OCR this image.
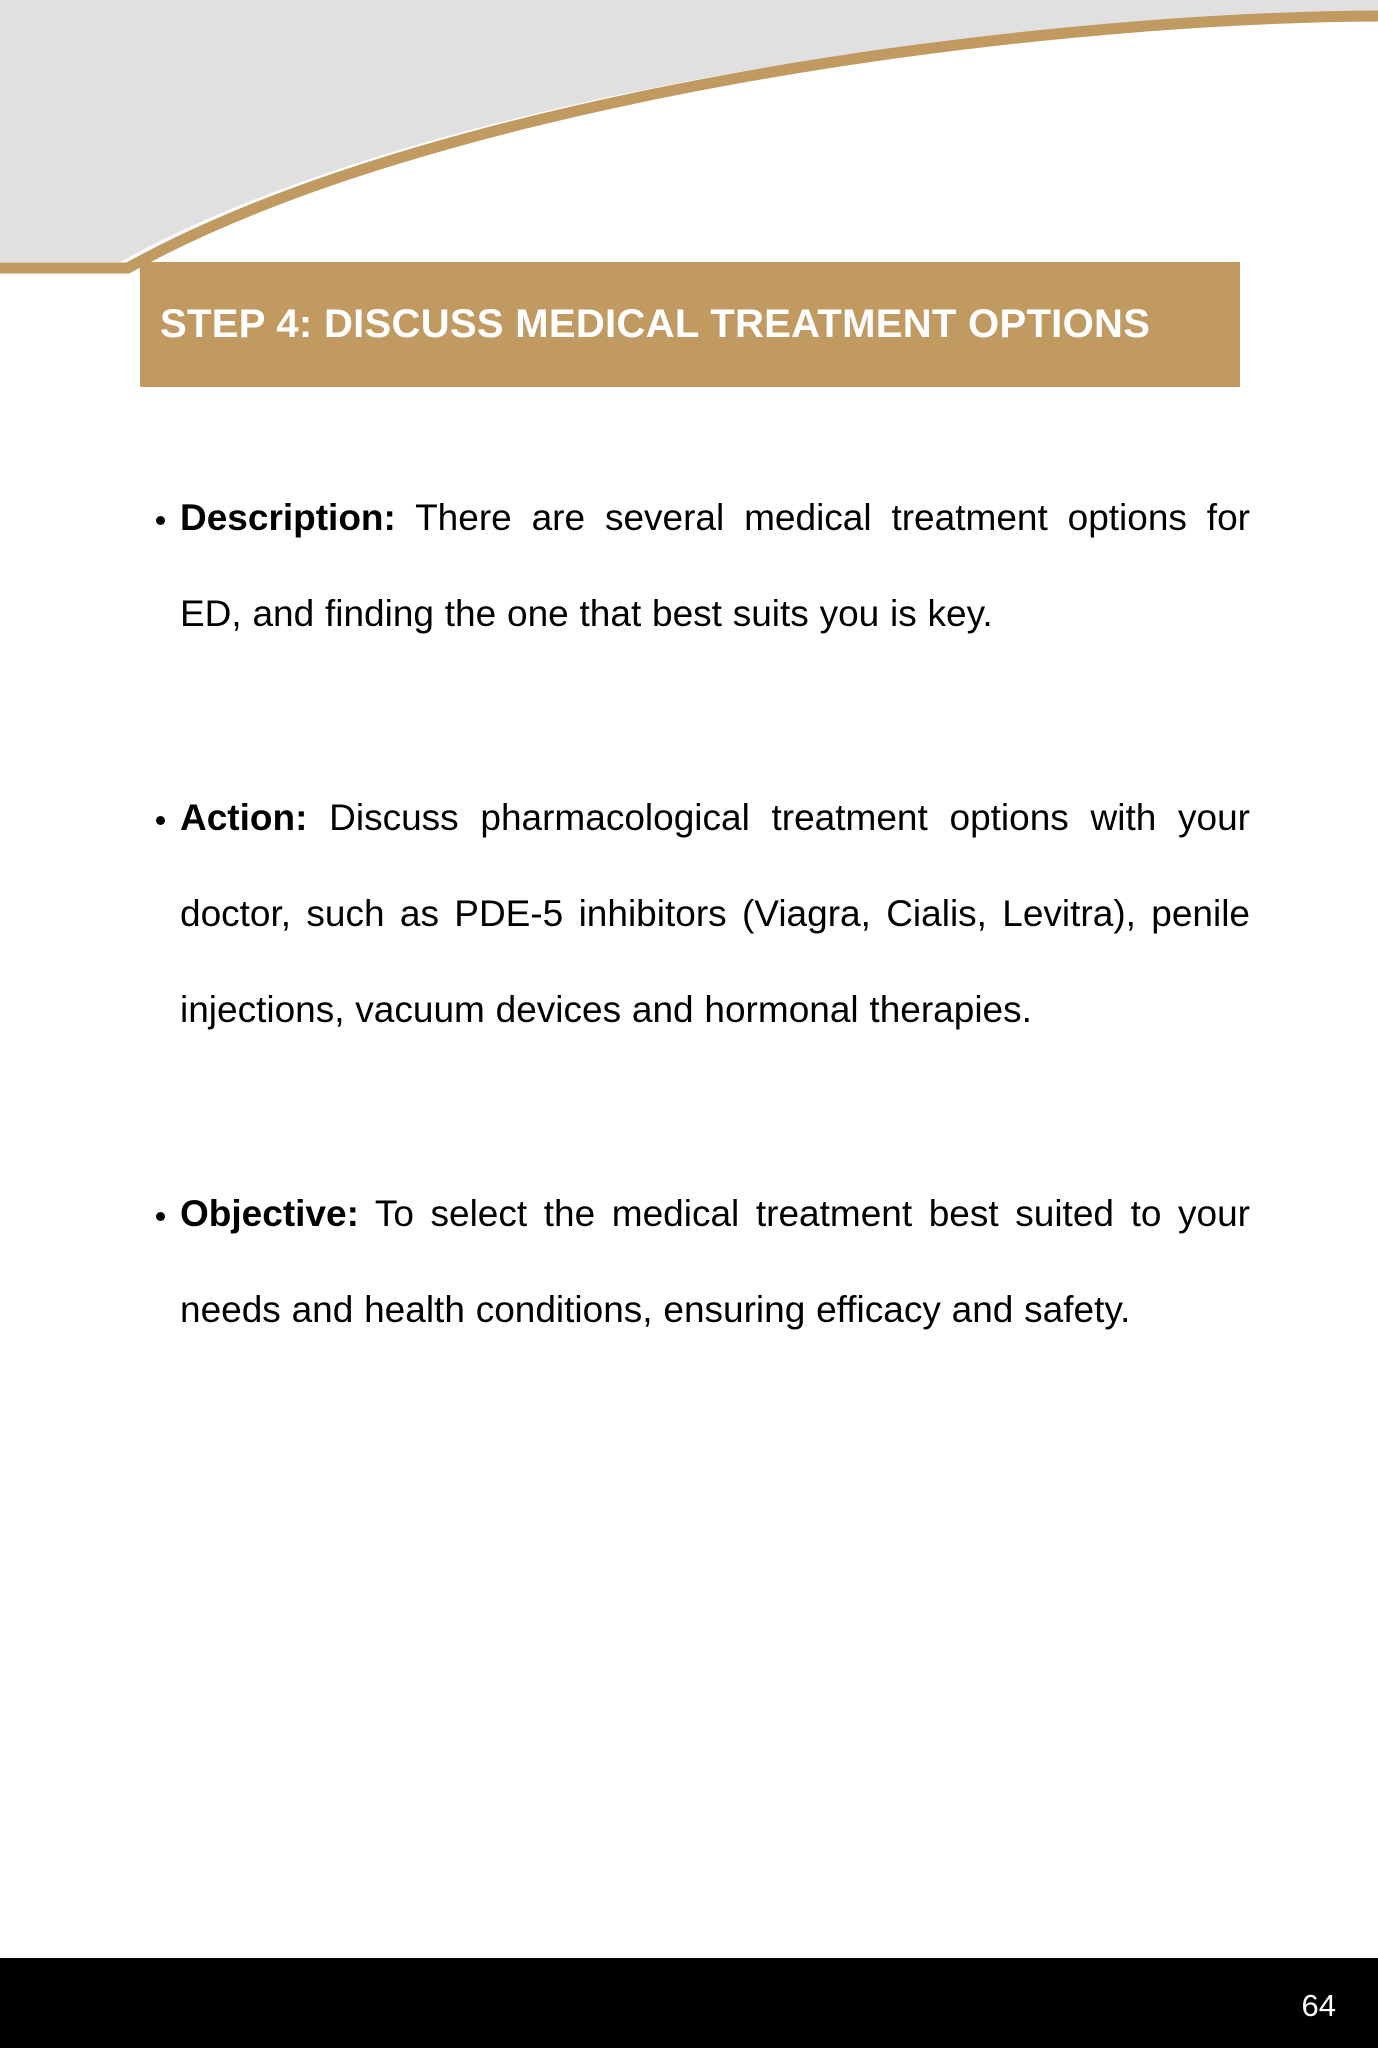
STEP 4: DISCUSS MEDICAL TREATMENT OPTIONS
Description: There are several medical treatment options for ED, and finding the one that best suits you is key.
Action: Discuss pharmacological treatment options with your doctor, such as PDE-5 inhibitors (Viagra, Cialis, Levitra), penile injections, vacuum devices and hormonal therapies.
Objective: To select the medical treatment best suited to your needs and health conditions, ensuring efficacy and safety.
64
